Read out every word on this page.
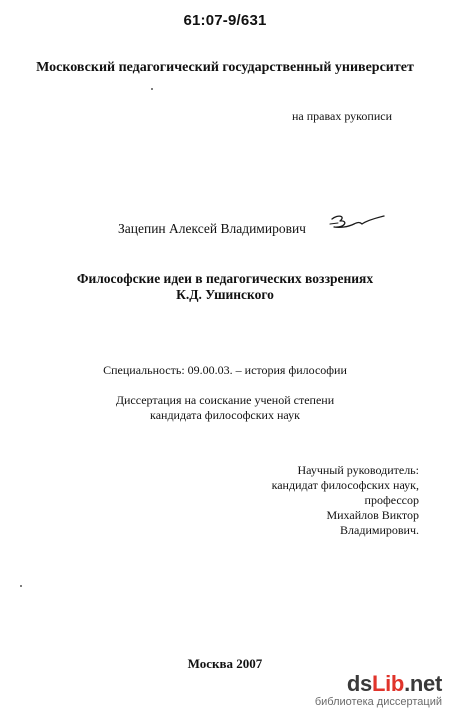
61:07-9/631
Московский педагогический государственный университет
на правах рукописи
Зацепин Алексей Владимирович
Философские идеи в педагогических воззрениях
К.Д. Ушинского
Специальность: 09.00.03. – история философии
Диссертация на соискание ученой степени
кандидата философских наук
Научный руководитель:
кандидат философских наук,
профессор
Михайлов Виктор
Владимирович.
Москва 2007
dsLib.net
библиотека диссертаций
